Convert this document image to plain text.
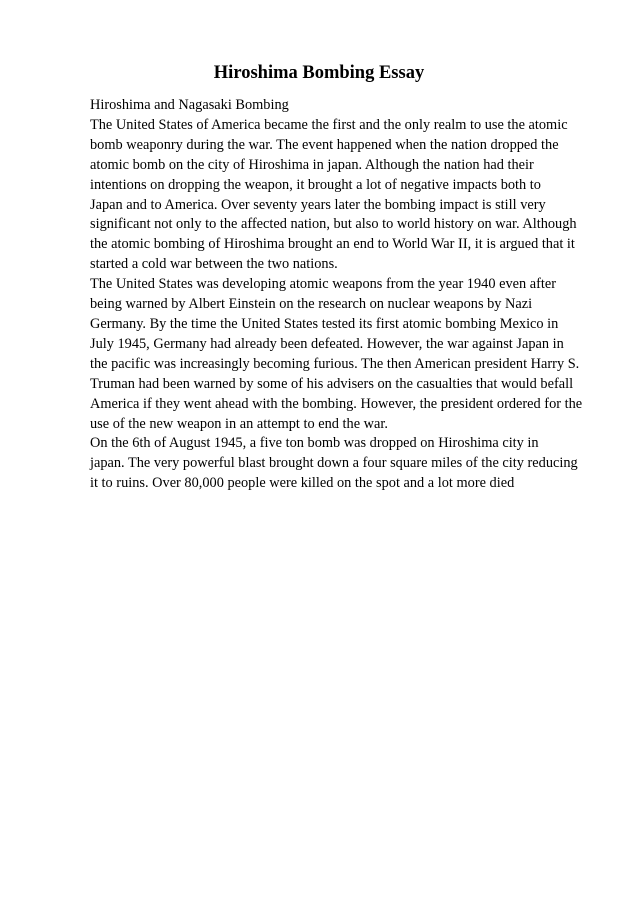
Hiroshima Bombing Essay
Hiroshima and Nagasaki Bombing
The United States of America became the first and the only realm to use the atomic
bomb weaponry during the war. The event happened when the nation dropped the
atomic bomb on the city of Hiroshima in japan. Although the nation had their
intentions on dropping the weapon, it brought a lot of negative impacts both to
Japan and to America. Over seventy years later the bombing impact is still very
significant not only to the affected nation, but also to world history on war. Although
the atomic bombing of Hiroshima brought an end to World War II, it is argued that it
started a cold war between the two nations.
The United States was developing atomic weapons from the year 1940 even after
being warned by Albert Einstein on the research on nuclear weapons by Nazi
Germany. By the time the United States tested its first atomic bombing Mexico in
July 1945, Germany had already been defeated. However, the war against Japan in
the pacific was increasingly becoming furious. The then American president Harry S.
Truman had been warned by some of his advisers on the casualties that would befall
America if they went ahead with the bombing. However, the president ordered for the
use of the new weapon in an attempt to end the war.
On the 6th of August 1945, a five ton bomb was dropped on Hiroshima city in
japan. The very powerful blast brought down a four square miles of the city reducing
it to ruins. Over 80,000 people were killed on the spot and a lot more died
